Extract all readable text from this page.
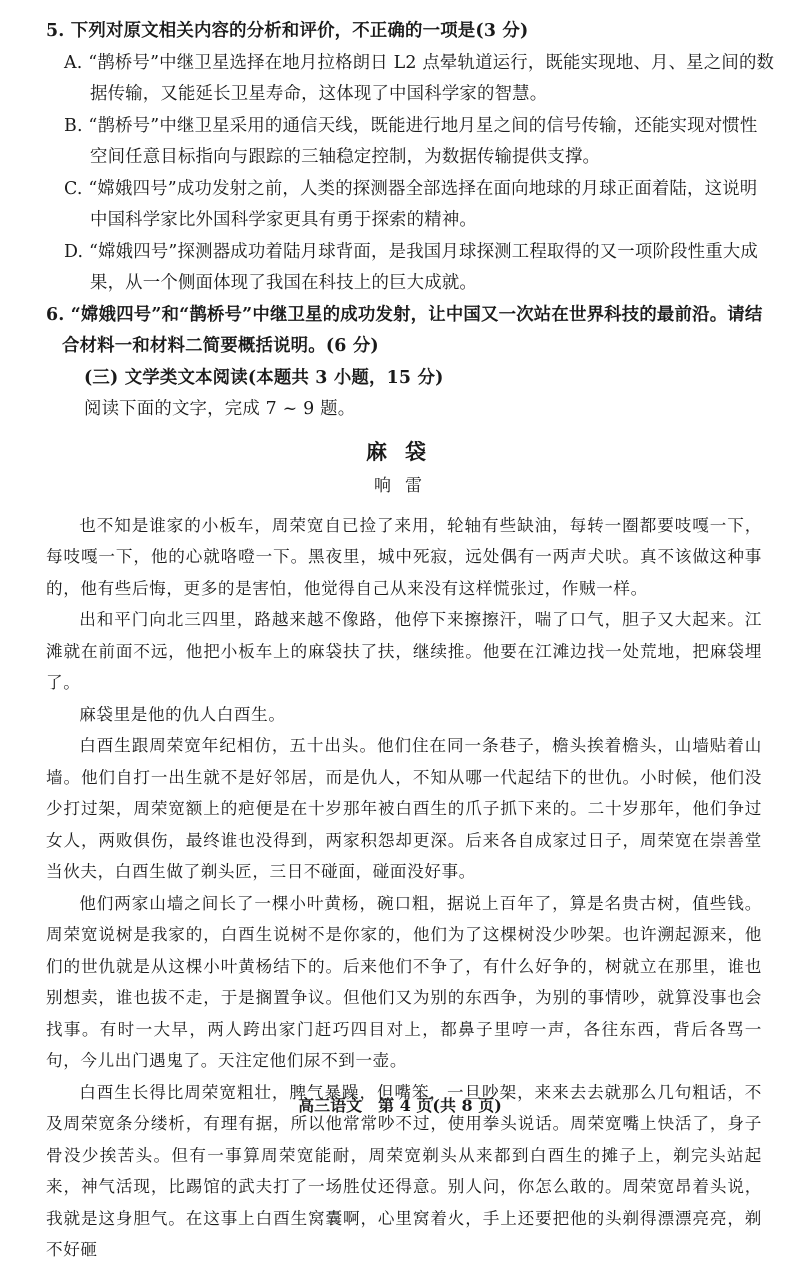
5. 下列对原文相关内容的分析和评价，不正确的一项是(3 分)
A. “鹊桥号”中继卫星选择在地月拉格朗日 L2 点晕轨道运行，既能实现地、月、星之间的数
据传输，又能延长卫星寿命，这体现了中国科学家的智慧。
B. “鹊桥号”中继卫星采用的通信天线，既能进行地月星之间的信号传输，还能实现对惯性
空间任意目标指向与跟踪的三轴稳定控制，为数据传输提供支撑。
C. “嫦娥四号”成功发射之前，人类的探测器全部选择在面向地球的月球正面着陆，这说明
中国科学家比外国科学家更具有勇于探索的精神。
D. “嫦娥四号”探测器成功着陆月球背面，是我国月球探测工程取得的又一项阶段性重大成
果，从一个侧面体现了我国在科技上的巨大成就。
6. “嫦娥四号”和“鹊桥号”中继卫星的成功发射，让中国又一次站在世界科技的最前沿。请结
合材料一和材料二简要概括说明。(6 分)
(三) 文学类文本阅读(本题共 3 小题，15 分)
阅读下面的文字，完成 7 ~ 9 题。
麻袋
响雷

也不知是谁家的小板车，周荣宽自已捡了来用，轮轴有些缺油，每转一圈都要吱嘎一下，每吱嘎一下，他的心就咯噔一下。黑夜里，城中死寂，远处偶有一两声犬吠。真不该做这种事的，他有些后悔，更多的是害怕，他觉得自己从来没有这样慌张过，作贼一样。

出和平门向北三四里，路越来越不像路，他停下来擦擦汗，喘了口气，胆子又大起来。江滩就在前面不远，他把小板车上的麻袋扶了扶，继续推。他要在江滩边找一处荒地，把麻袋埋了。

麻袋里是他的仇人白酉生。

白酉生跟周荣宽年纪相仿，五十出头。他们住在同一条巷子，檐头挨着檐头，山墙贴着山墙。他们自打一出生就不是好邻居，而是仇人，不知从哪一代起结下的世仇。小时候，他们没少打过架，周荣宽额上的疤便是在十岁那年被白酉生的爪子抓下来的。二十岁那年，他们争过女人，两败俱伤，最终谁也没得到，两家积怨却更深。后来各自成家过日子，周荣宽在崇善堂当伙夫，白酉生做了剃头匠，三日不碰面，碰面没好事。

他们两家山墙之间长了一棵小叶黄杨，碗口粗，据说上百年了，算是名贵古树，值些钱。周荣宽说树是我家的，白酉生说树不是你家的，他们为了这棵树没少吵架。也许溯起源来，他们的世仇就是从这棵小叶黄杨结下的。后来他们不争了，有什么好争的，树就立在那里，谁也别想卖，谁也拔不走，于是搁置争议。但他们又为别的东西争，为别的事情吵，就算没事也会找事。有时一大早，两人跨出家门赶巧四目对上，都鼻子里哼一声，各往东西，背后各骂一句，今儿出门遇鬼了。天注定他们尿不到一壶。

白酉生长得比周荣宽粗壮，脾气暴躁，但嘴笨，一旦吵架，来来去去就那么几句粗话，不及周荣宽条分缕析，有理有据，所以他常常吵不过，使用拳头说话。周荣宽嘴上快活了，身子骨没少挨苦头。但有一事算周荣宽能耐，周荣宽剃头从来都到白酉生的摊子上，剃完头站起来，神气活现，比踢馆的武夫打了一场胜仗还得意。别人问，你怎么敢的。周荣宽昂着头说，我就是这身胆气。在这事上白酉生窝囊啊，心里窝着火，手上还要把他的头剃得漂漂亮亮，剃不好砸

高三语文　第 4 页(共 8 页)
